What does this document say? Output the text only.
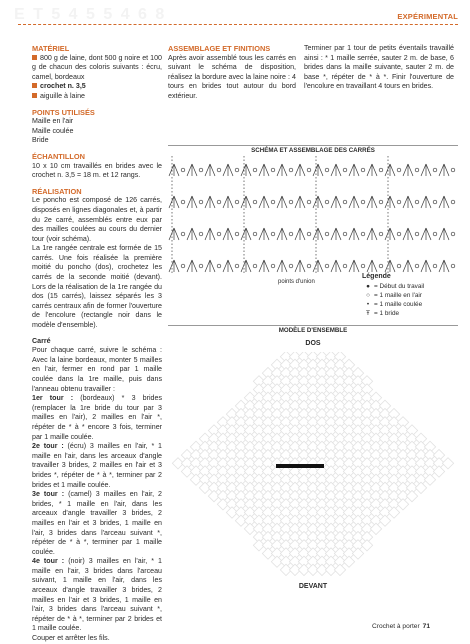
E T 5 4 5 5 4 6 8	EXPÉRIMENTAL

MATÉRIEL

800 g de laine, dont 500 g noire et 100 g de chacun des coloris suivants : écru, camel, bordeaux

crochet n. 3,5

aiguille à laine

POINTS UTILISÉS

Maille en l'air

Maille coulée

Bride

ÉCHANTILLON

10 x 10 cm travaillés en brides avec le crochet n. 3,5 = 18 m. et 12 rangs.

RÉALISATION

Le poncho est composé de 126 carrés, disposés en lignes diagonales et, à partir du 2e carré, assemblés entre eux par des mailles coulées au cours du dernier tour (voir schéma).

La 1re rangée centrale est formée de 15 carrés. Une fois réalisée la première moitié du poncho (dos), crochetez les carrés de la seconde moitié (devant). Lors de la réalisation de la 1re rangée du dos (15 carrés), laissez séparés les 3 carrés centraux afin de former l'ouverture de l'encolure (rectangle noir dans le modèle d'ensemble).

Carré

Pour chaque carré, suivre le schéma : Avec la laine bordeaux, monter 5 mailles en l'air, fermer en rond par 1 maille coulée dans la 1re maille, puis dans l'anneau obtenu travailler :

1er tour : (bordeaux) * 3 brides (remplacer la 1re bride du tour par 3 mailles en l'air), 2 mailles en l'air *, répéter de * à * encore 3 fois, terminer par 1 maille coulée.

2e tour : (écru) 3 mailles en l'air, * 1 maille en l'air, dans les arceaux d'angle travailler 3 brides, 2 mailles en l'air et 3 brides *, répéter de * à *, terminer par 2 brides et 1 maille coulée.

3e tour : (camel) 3 mailles en l'air, 2 brides, * 1 maille en l'air, dans les arceaux d'angle travailler 3 brides, 2 mailles en l'air et 3 brides, 1 maille en l'air, 3 brides dans l'arceau suivant *, répéter de * à *, terminer par 1 maille coulée.

4e tour : (noir) 3 mailles en l'air, * 1 maille en l'air, 3 brides dans l'arceau suivant, 1 maille en l'air, dans les arceaux d'angle travailler 3 brides, 2 mailles en l'air et 3 brides, 1 maille en l'air, 3 brides dans l'arceau suivant *, répéter de * à *, terminer par 2 brides et 1 maille coulée.

Couper et arrêter les fils.

ASSEMBLAGE ET FINITIONS

Après avoir assemblé tous les carrés en suivant le schéma de disposition, réalisez la bordure avec la laine noire : 4 tours en brides tout autour du bord extérieur.

Terminer par 1 tour de petits éventails travaillé ainsi : * 1 maille serrée, sauter 2 m. de base, 6 brides dans la maille suivante, sauter 2 m. de base *, répéter de * à *. Finir l'ouverture de l'encolure en travaillant 4 tours en brides.

SCHÉMA ET ASSEMBLAGE DES CARRÉS
points d'union
Légende
● = Début du travail
○ = 1 maille en l'air
• = 1 maille coulée
Ŧ = 1 bride
MODÈLE D'ENSEMBLE
DOS
DEVANT
Crochet à porter 71
